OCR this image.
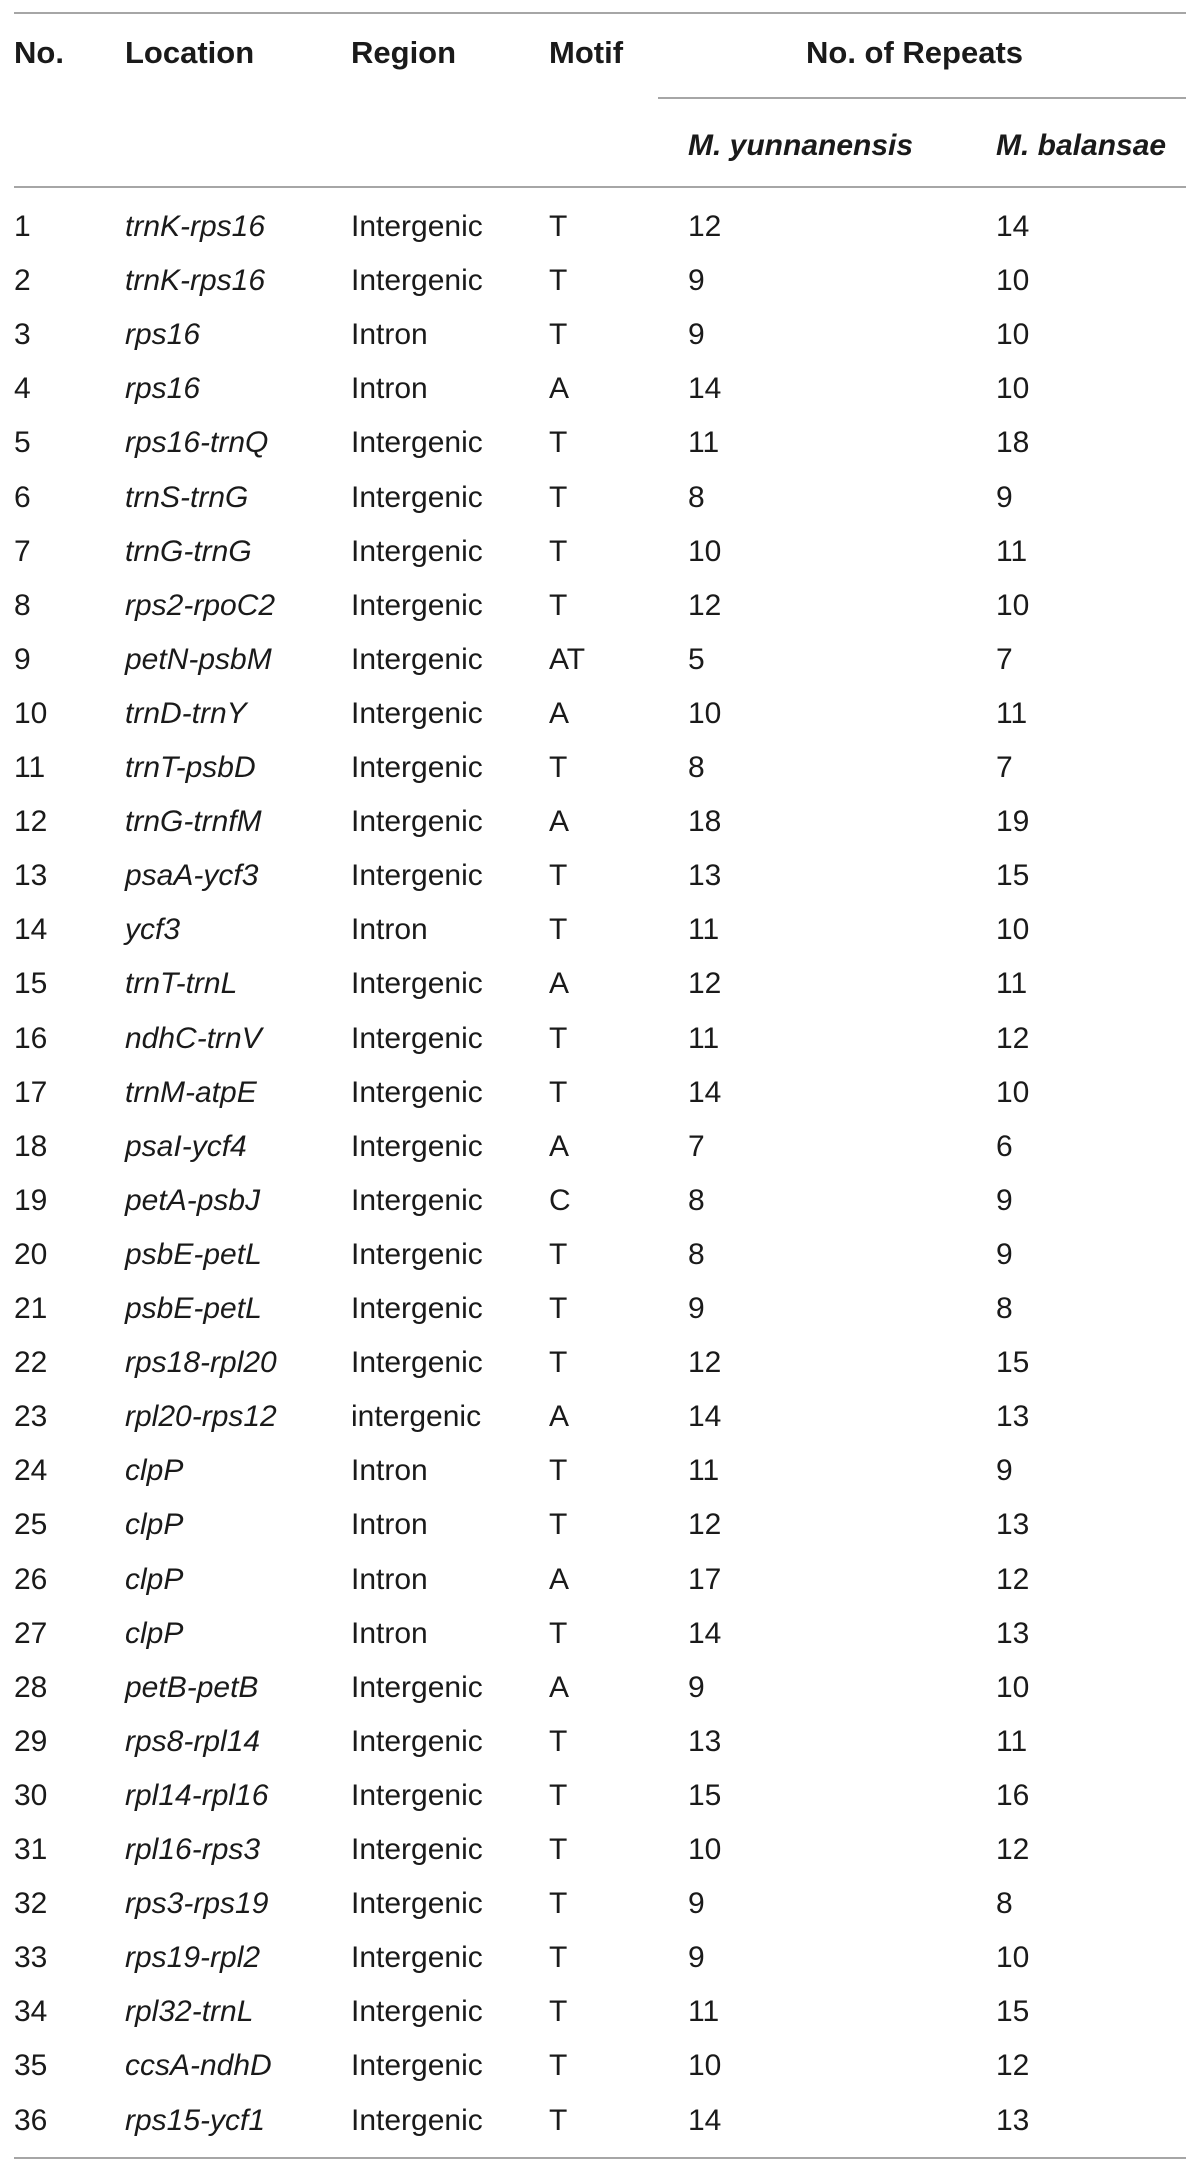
No. Location	Region	Motif	No. of Repeats
M. yunnanensis	M. balansae
1	trnK-rps16	Intergenic T	12	14
2	trnK-rps16	Intergenic T	9	10
3	rps16	Intron	T	9	10
4	rps16	Intron	A	14	10
5	rps16-trnQ	Intergenic T	11	18
6	trnS-trnG	Intergenic T	8	9
7	trnG-trnG	Intergenic T	10	11
8	rps2-rpoC2	Intergenic T	12	10
9	petN-psbM	Intergenic AT	5	7
10	trnD-trnY	Intergenic A	10	11
11	trnT-psbD	Intergenic T	8	7
12	trnG-trnfM	Intergenic A	18	19
13	psaA-ycf3	Intergenic T	13	15
14	ycf3	Intron	T	11	10
15	trnT-trnL	Intergenic A	12	11
16	ndhC-trnV	Intergenic T	11	12
17	trnM-atpE	Intergenic T	14	10
18	psaI-ycf4	Intergenic A	7	6
19	petA-psbJ	Intergenic C	8	9
20	psbE-petL	Intergenic T	8	9
21	psbE-petL	Intergenic T	9	8
22	rps18-rpl20 Intergenic T	12	15
23	rpl20-rps12 intergenic A	14	13
24	clpP	Intron	T	11	9
25	clpP	Intron	T	12	13
26	clpP	Intron	A	17	12
27	clpP	Intron	T	14	13
28	petB-petB	Intergenic A	9	10
29	rps8-rpl14	Intergenic T	13	11
30	rpl14-rpl16	Intergenic T	15	16
31	rpl16-rps3	Intergenic T	10	12
32	rps3-rps19	Intergenic T	9	8
33	rps19-rpl2	Intergenic T	9	10
34	rpl32-trnL	Intergenic T	11	15
35	ccsA-ndhD	Intergenic T	10	12
36	rps15-ycf1	Intergenic T	14	13
